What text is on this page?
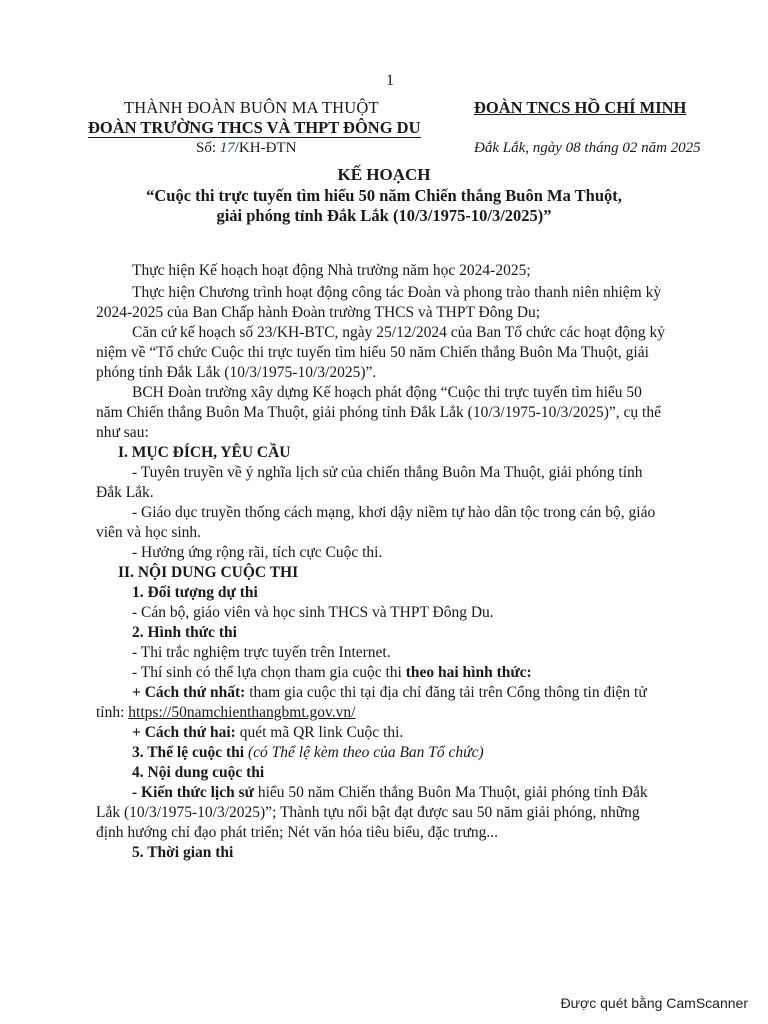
1
THÀNH ĐOÀN BUÔN MA THUỘT
ĐOÀN TRƯỜNG THCS VÀ THPT ĐÔNG DU
Số: 17/KH-ĐTN
ĐOÀN TNCS HỒ CHÍ MINH
Đắk Lắk, ngày 08 tháng 02 năm 2025
KẾ HOẠCH
“Cuộc thi trực tuyến tìm hiểu 50 năm Chiến thắng Buôn Ma Thuột,
giải phóng tỉnh Đắk Lắk (10/3/1975-10/3/2025)”
Thực hiện Kế hoạch hoạt động Nhà trường năm học 2024-2025;
Thực hiện Chương trình hoạt động công tác Đoàn và phong trào thanh niên nhiệm kỳ
2024-2025 của Ban Chấp hành Đoàn trường THCS và THPT Đông Du;
Căn cứ kế hoạch số 23/KH-BTC, ngày 25/12/2024 của Ban Tổ chức các hoạt động kỷ
niệm về “Tổ chức Cuộc thi trực tuyến tìm hiểu 50 năm Chiến thắng Buôn Ma Thuột, giải
phóng tỉnh Đắk Lắk (10/3/1975-10/3/2025)”.
BCH Đoàn trường xây dựng Kế hoạch phát động “Cuộc thi trực tuyến tìm hiểu 50
năm Chiến thắng Buôn Ma Thuột, giải phóng tỉnh Đắk Lắk (10/3/1975-10/3/2025)”, cụ thể
như sau:
I. MỤC ĐÍCH, YÊU CẦU
- Tuyên truyền về ý nghĩa lịch sử của chiến thắng Buôn Ma Thuột, giải phóng tỉnh
Đắk Lắk.
- Giáo dục truyền thống cách mạng, khơi dậy niềm tự hào dân tộc trong cán bộ, giáo
viên và học sinh.
- Hưởng ứng rộng rãi, tích cực Cuộc thi.
II. NỘI DUNG CUỘC THI
1. Đối tượng dự thi
- Cán bộ, giáo viên và học sinh THCS và THPT Đông Du.
2. Hình thức thi
- Thi trắc nghiệm trực tuyến trên Internet.
- Thí sinh có thể lựa chọn tham gia cuộc thi theo hai hình thức:
+ Cách thứ nhất: tham gia cuộc thi tại địa chỉ đăng tải trên Cổng thông tin điện tử
tỉnh: https://50namchienthangbmt.gov.vn/
+ Cách thứ hai: quét mã QR link Cuộc thi.
3. Thể lệ cuộc thi (có Thể lệ kèm theo của Ban Tổ chức)
4. Nội dung cuộc thi
- Kiến thức lịch sử hiểu 50 năm Chiến thắng Buôn Ma Thuột, giải phóng tỉnh Đắk
Lắk (10/3/1975-10/3/2025)”; Thành tựu nổi bật đạt được sau 50 năm giải phóng, những
định hướng chỉ đạo phát triển; Nét văn hóa tiêu biểu, đặc trưng...
5. Thời gian thi
Được quét bằng CamScanner
